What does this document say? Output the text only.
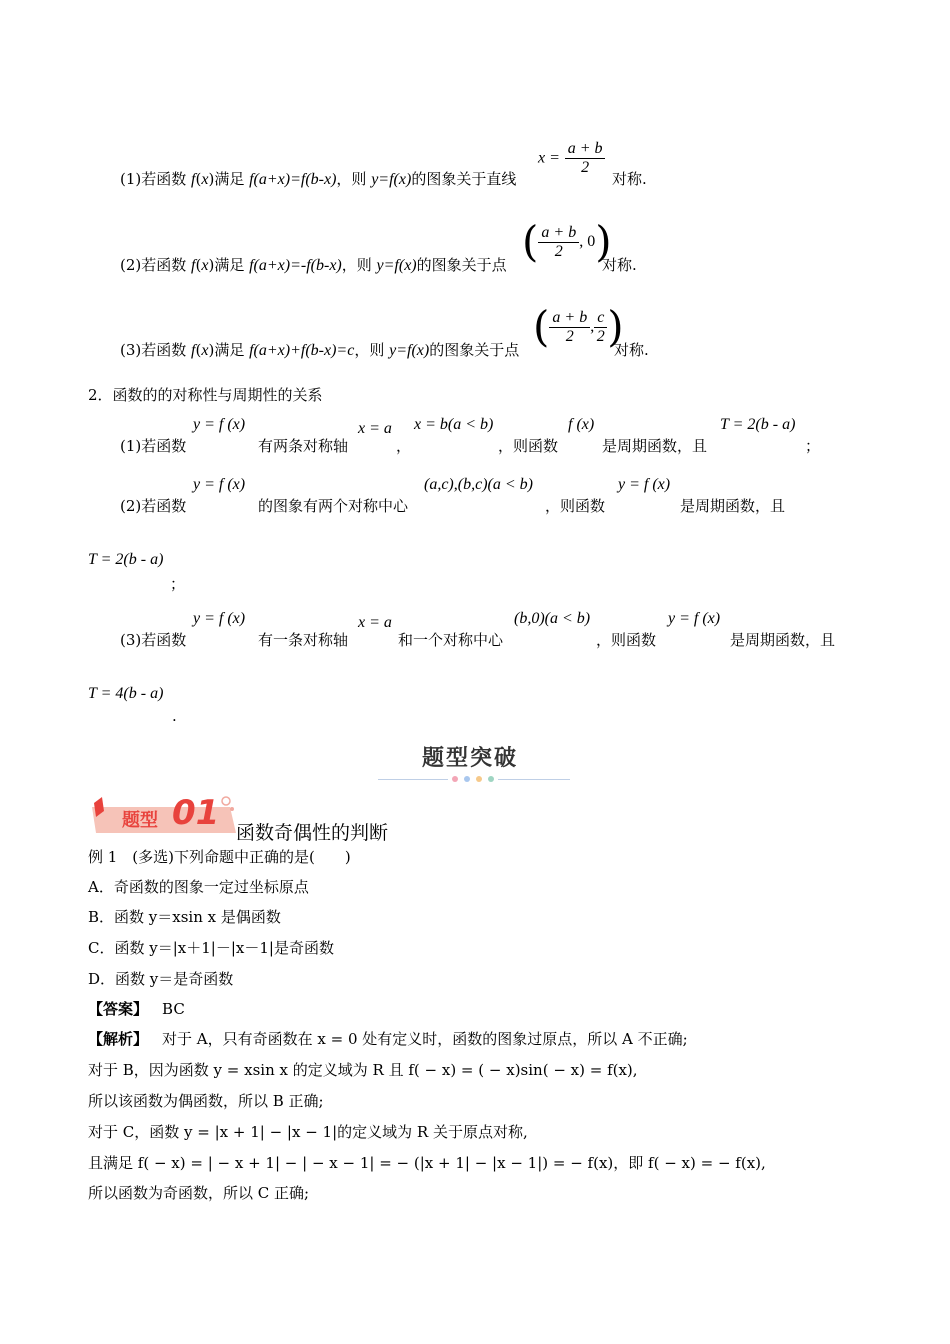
(1)若函数 f(x)满足 f(a+x)=f(b-x)，则 y=f(x)的图象关于直线
$x = \frac{a + b}{2}$
对称.
(2)若函数 f(x)满足 f(a+x)=-f(b-x)，则 y=f(x)的图象关于点 ( $\frac{a + b}{2}$ , 0)
对称.
(3)若函数 f(x)满足 f(a+x)+f(b-x)=c，则 y=f(x)的图象关于点 ( $\frac{a + b}{2}$ , $\frac{c}{2}$ )
对称.
2．函数的的对称性与周期性的关系
(1)若函数
y = f (x)
有两条对称轴
x = a
，
x = b(a < b)
，则函数
f (x)
是周期函数，且
T = 2(b - a)
；
(2)若函数
y = f (x)
的图象有两个对称中心
(a,c),(b,c)(a < b)
，则函数
y = f (x)
是周期函数，且
T = 2(b - a)
；
(3)若函数
y = f (x)
有一条对称轴
x = a
和一个对称中心
(b,0)(a < b)
，则函数
y = f (x)
是周期函数，且
T = 4(b - a)
.
题型突破
题型 01 函数奇偶性的判断
例 1　(多选)下列命题中正确的是(　　)
A．奇函数的图象一定过坐标原点
B．函数 y＝xsin x 是偶函数
C．函数 y＝|x＋1|－|x－1|是奇函数
D．函数 y＝是奇函数
【答案】 BC
【解析】 对于 A，只有奇函数在 x = 0 处有定义时，函数的图象过原点，所以 A 不正确;
对于 B，因为函数 y = xsin x 的定义域为 R 且 f( − x) = ( − x)sin( − x) = f(x),
所以该函数为偶函数，所以 B 正确;
对于 C，函数 y = |x + 1| − |x − 1|的定义域为 R 关于原点对称,
且满足 f( − x) = | − x + 1| − | − x − 1| = − (|x + 1| − |x − 1|) = − f(x)，即 f( − x) = − f(x),
所以函数为奇函数，所以 C 正确;
